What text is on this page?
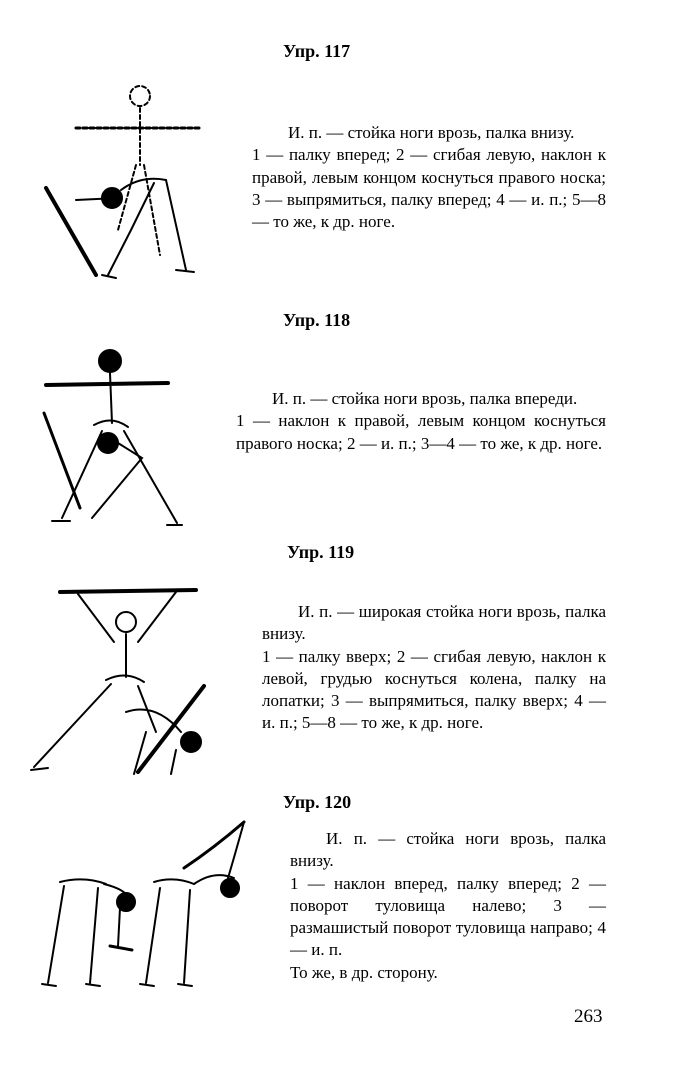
Упр. 117

И. п. — стойка ноги врозь, палка внизу.

1 — палку вперед; 2 — сгибая левую, наклон к правой, левым концом коснуться правого носка; 3 — выпрямиться, палку вперед; 4 — и. п.; 5—8 — то же, к др. ноге.

Упр. 118

И. п. — стойка ноги врозь, палка впереди.

1 — наклон к правой, левым концом коснуться правого носка; 2 — и. п.; 3—4 — то же, к др. ноге.

Упр. 119

И. п. — широкая стойка ноги врозь, палка внизу.

1 — палку вверх; 2 — сгибая левую, наклон к левой, грудью коснуться колена, палку на лопатки; 3 — выпрямиться, палку вверх; 4 — и. п.; 5—8 — то же, к др. ноге.

Упр. 120

И. п. — стойка ноги врозь, палка внизу.

1 — наклон вперед, палку вперед; 2 — поворот туловища налево; 3 — размашистый поворот туловища направо; 4 — и. п.

То же, в др. сторону.

263
